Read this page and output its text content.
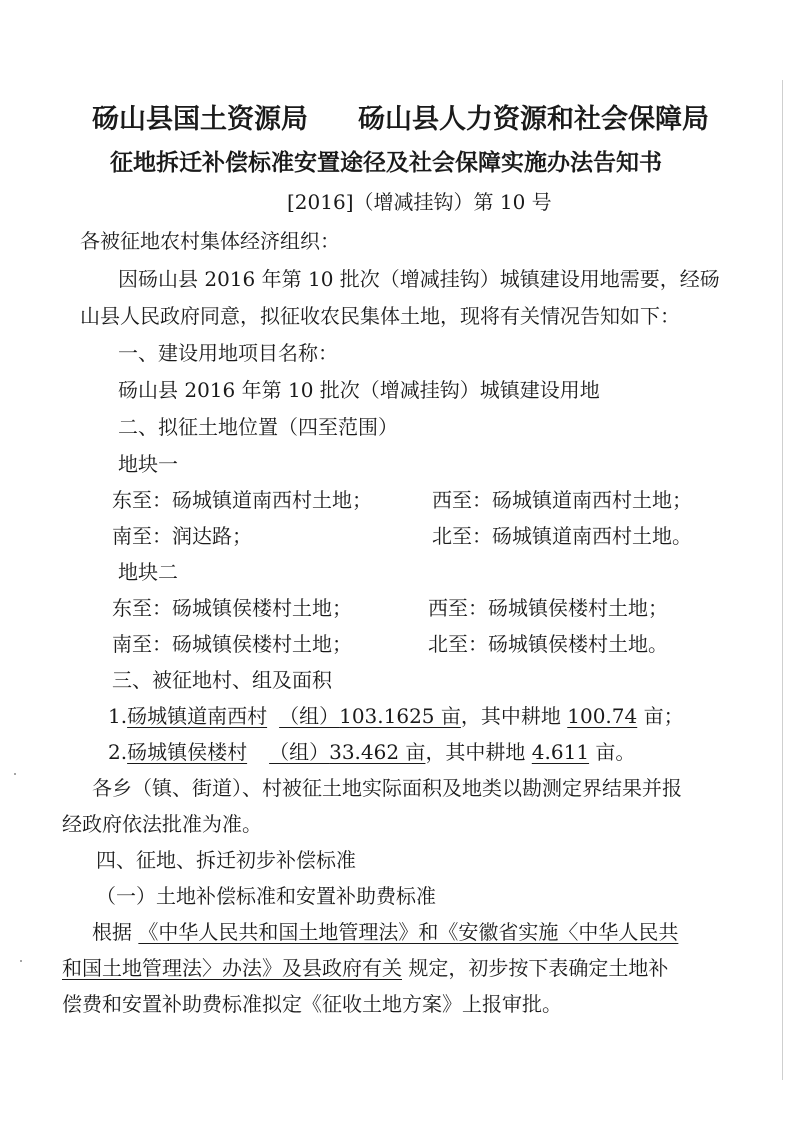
砀山县国土资源局 砀山县人力资源和社会保障局
征地拆迁补偿标准安置途径及社会保障实施办法告知书
[2016]（增减挂钩）第 10 号
各被征地农村集体经济组织：
因砀山县 2016 年第 10 批次（增减挂钩）城镇建设用地需要，经砀
山县人民政府同意，拟征收农民集体土地，现将有关情况告知如下：
一、建设用地项目名称：
砀山县 2016 年第 10 批次（增减挂钩）城镇建设用地
二、拟征土地位置（四至范围）
地块一
东至：砀城镇道南西村土地；	西至：砀城镇道南西村土地；
南至：润达路；	北至：砀城镇道南西村土地。
地块二
东至：砀城镇侯楼村土地；	西至：砀城镇侯楼村土地；
南至：砀城镇侯楼村土地；	北至：砀城镇侯楼村土地。
三、被征地村、组及面积
1.砀城镇道南西村 （组）103.1625 亩，其中耕地 100.74 亩；
2.砀城镇侯楼村 （组）33.462 亩，其中耕地 4.611 亩。
各乡（镇、街道）、村被征土地实际面积及地类以勘测定界结果并报
经政府依法批准为准。
四、征地、拆迁初步补偿标准
（一）土地补偿标准和安置补助费标准
根据 《中华人民共和国土地管理法》和《安徽省实施〈中华人民共
和国土地管理法〉办法》及县政府有关 规定，初步按下表确定土地补
偿费和安置补助费标准拟定《征收土地方案》上报审批。
